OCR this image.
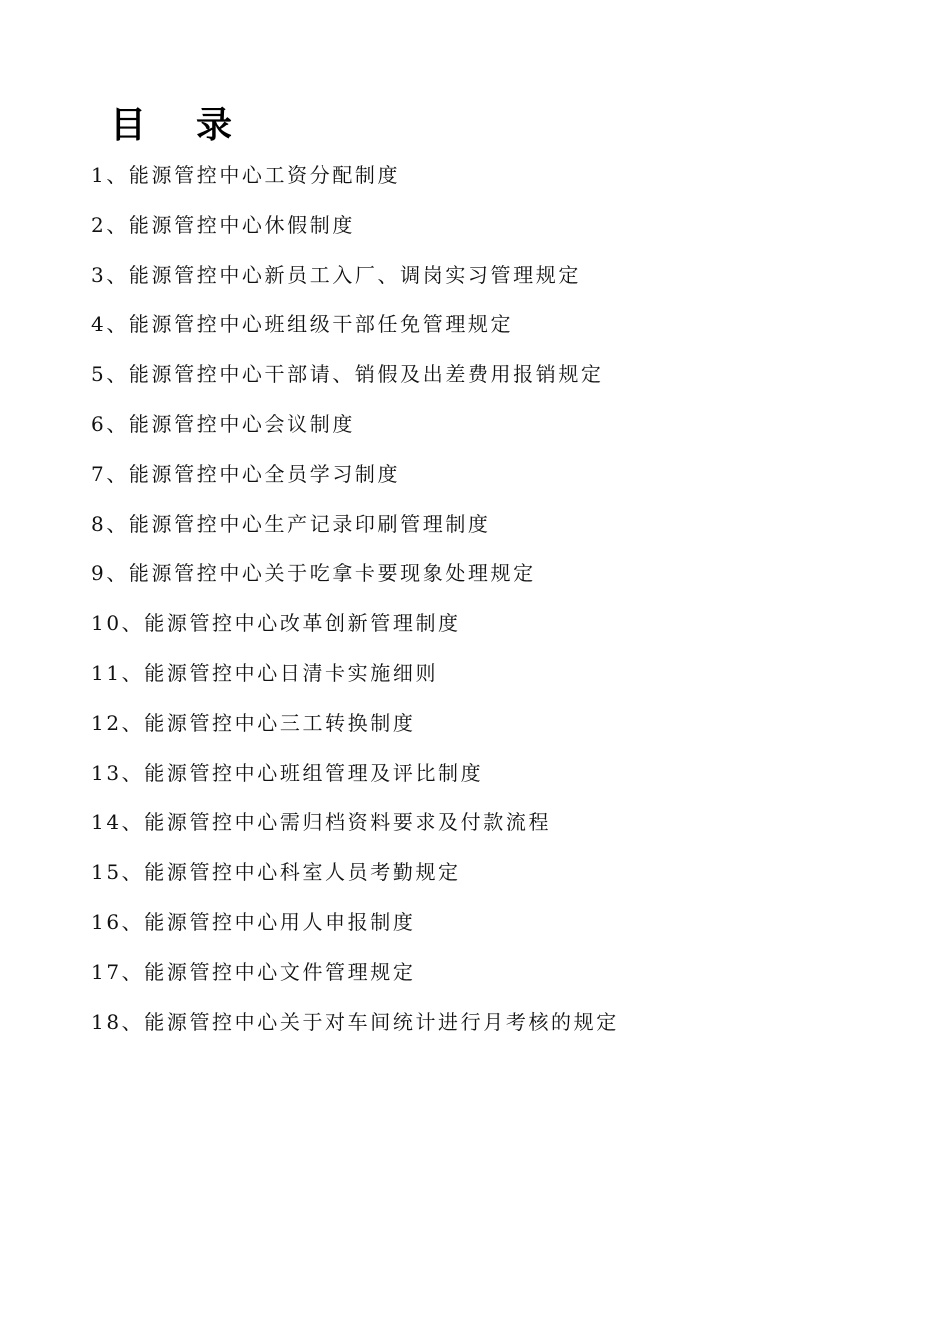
目录
1、能源管控中心工资分配制度
2、能源管控中心休假制度
3、能源管控中心新员工入厂、调岗实习管理规定
4、能源管控中心班组级干部任免管理规定
5、能源管控中心干部请、销假及出差费用报销规定
6、能源管控中心会议制度
7、能源管控中心全员学习制度
8、能源管控中心生产记录印刷管理制度
9、能源管控中心关于吃拿卡要现象处理规定
10、能源管控中心改革创新管理制度
11、能源管控中心日清卡实施细则
12、能源管控中心三工转换制度
13、能源管控中心班组管理及评比制度
14、能源管控中心需归档资料要求及付款流程
15、能源管控中心科室人员考勤规定
16、能源管控中心用人申报制度
17、能源管控中心文件管理规定
18、能源管控中心关于对车间统计进行月考核的规定
